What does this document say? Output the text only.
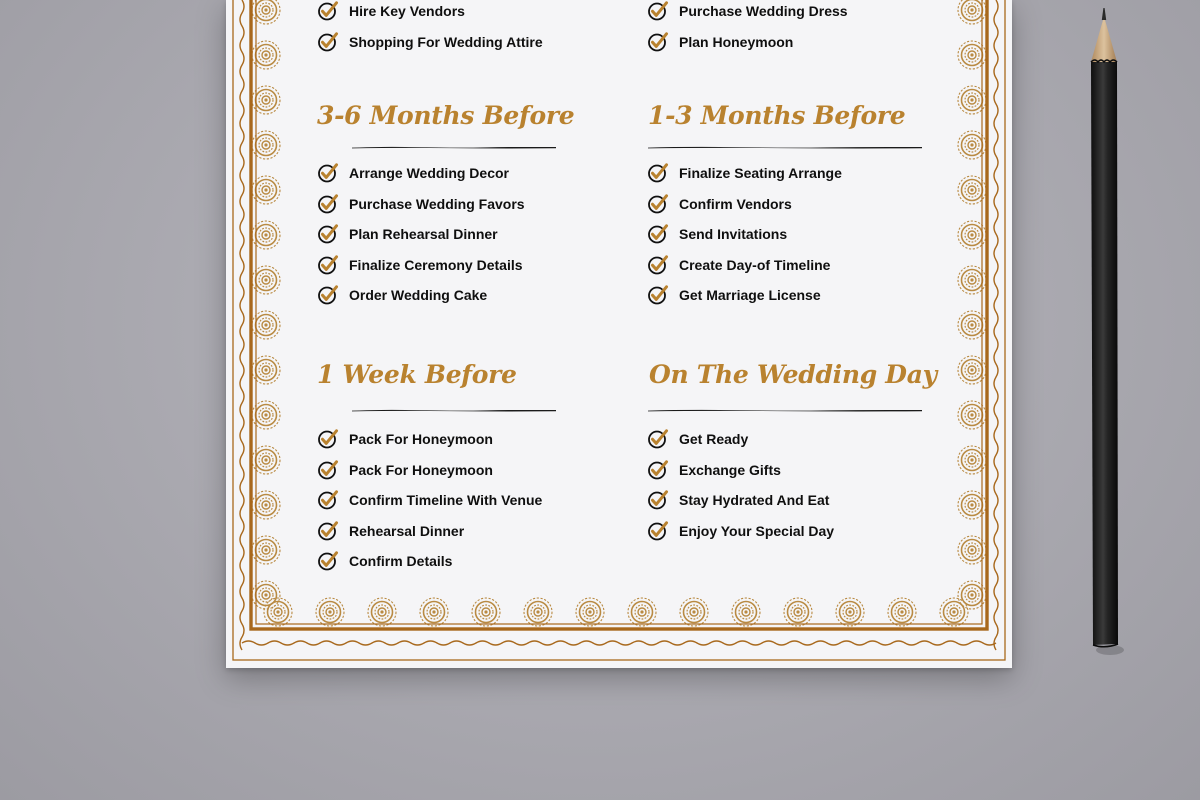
Hire Key Vendors
Shopping For Wedding Attire
3-6 Months Before
Arrange Wedding Decor
Purchase Wedding Favors
Plan Rehearsal Dinner
Finalize Ceremony Details
Order Wedding Cake
1 Week Before
Pack For Honeymoon
Pack For Honeymoon
Confirm Timeline With Venue
Rehearsal Dinner
Confirm Details
Purchase Wedding Dress
Plan Honeymoon
1-3 Months Before
Finalize Seating Arrange
Confirm Vendors
Send Invitations
Create Day-of Timeline
Get Marriage License
On The Wedding Day
Get Ready
Exchange Gifts
Stay Hydrated And Eat
Enjoy Your Special Day
